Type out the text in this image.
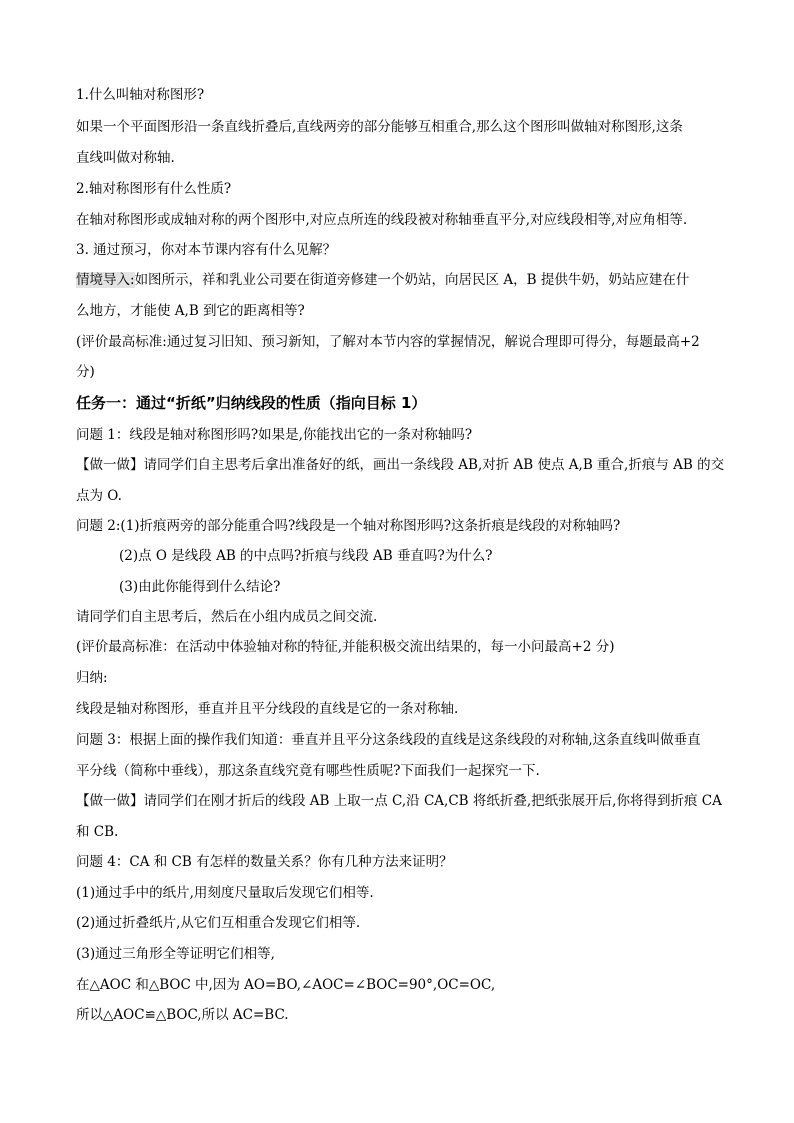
1.什么叫轴对称图形?
如果一个平面图形沿一条直线折叠后,直线两旁的部分能够互相重合,那么这个图形叫做轴对称图形,这条
直线叫做对称轴.
2.轴对称图形有什么性质?
在轴对称图形或成轴对称的两个图形中,对应点所连的线段被对称轴垂直平分,对应线段相等,对应角相等.
3. 通过预习，你对本节课内容有什么见解？
情境导入:如图所示，祥和乳业公司要在街道旁修建一个奶站，向居民区 A，B 提供牛奶，奶站应建在什
么地方，才能使 A,B 到它的距离相等?
(评价最高标准:通过复习旧知、预习新知，了解对本节内容的掌握情况，解说合理即可得分，每题最高+2
分)
任务一：通过“折纸”归纳线段的性质（指向目标 1）
问题 1：线段是轴对称图形吗?如果是,你能找出它的一条对称轴吗?
【做一做】请同学们自主思考后拿出准备好的纸，画出一条线段 AB,对折 AB 使点 A,B 重合,折痕与 AB 的交
点为 O.
问题 2:(1)折痕两旁的部分能重合吗?线段是一个轴对称图形吗?这条折痕是线段的对称轴吗?
(2)点 O 是线段 AB 的中点吗?折痕与线段 AB 垂直吗?为什么?
(3)由此你能得到什么结论?
请同学们自主思考后，然后在小组内成员之间交流.
(评价最高标准：在活动中体验轴对称的特征,并能积极交流出结果的，每一小问最高+2 分)
归纳:
线段是轴对称图形，垂直并且平分线段的直线是它的一条对称轴.
问题 3：根据上面的操作我们知道：垂直并且平分这条线段的直线是这条线段的对称轴,这条直线叫做垂直
平分线（简称中垂线），那这条直线究竟有哪些性质呢?下面我们一起探究一下.
【做一做】请同学们在刚才折后的线段 AB 上取一点 C,沿 CA,CB 将纸折叠,把纸张展开后,你将得到折痕 CA
和 CB.
问题 4：CA 和 CB 有怎样的数量关系？你有几种方法来证明？
(1)通过手中的纸片,用刻度尺量取后发现它们相等.
(2)通过折叠纸片,从它们互相重合发现它们相等.
(3)通过三角形全等证明它们相等,
在△AOC 和△BOC 中,因为 AO=BO,∠AOC=∠BOC=90°,OC=OC,
所以△AOC≌△BOC,所以 AC=BC.
